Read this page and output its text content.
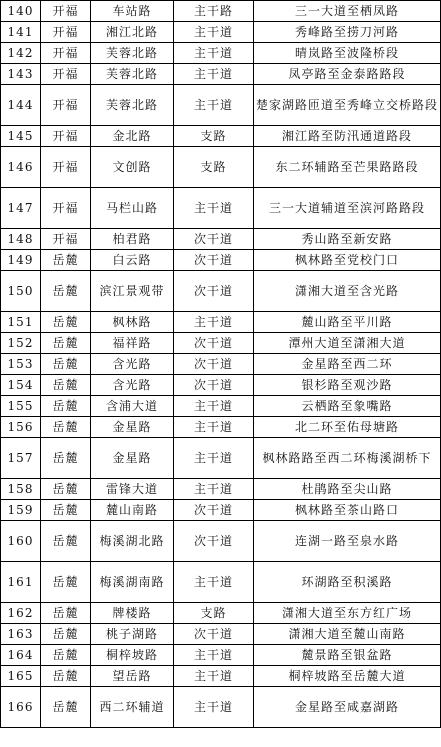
140	开福	车站路	主干路	三一大道至栖凤路
141	开福	湘江北路	主干道	秀峰路至捞刀河路
142	开福	芙蓉北路	主干道	晴岚路至波隆桥段
143	开福	芙蓉北路	主干道	凤亭路至金泰路路段
144	开福	芙蓉北路	主干道	楚家湖路匝道至秀峰立交桥路段
145	开福	金北路	支路	湘江路至防汛通道路段
146	开福	文创路	支路	东二环辅路至芒果路路段
147	开福	马栏山路	主干道	三一大道辅道至滨河路路段
148	开福	柏君路	次干道	秀山路至新安路
149	岳麓	白云路	次干道	枫林路至党校门口
150	岳麓	滨江景观带	次干道	潇湘大道至含光路
151	岳麓	枫林路	主干道	麓山路至平川路
152	岳麓	福祥路	次干道	潭州大道至潇湘大道
153	岳麓	含光路	次干道	金星路至西二环
154	岳麓	含光路	次干道	银杉路至观沙路
155	岳麓	含浦大道	主干道	云栖路至象嘴路
156	岳麓	金星路	主干道	北二环至佑母塘路
157	岳麓	金星路	主干道	枫林路路至西二环梅溪湖桥下
158	岳麓	雷锋大道	主干道	杜鹃路至尖山路
159	岳麓	麓山南路	次干道	枫林路至茶山路口
160	岳麓	梅溪湖北路	次干道	连湖一路至泉水路
161	岳麓	梅溪湖南路	主干道	环湖路至积溪路
162	岳麓	牌楼路	支路	潇湘大道至东方红广场
163	岳麓	桃子湖路	次干道	潇湘大道至麓山南路
164	岳麓	桐梓坡路	主干道	麓景路至银盆路
165	岳麓	望岳路	主干道	桐梓坡路至岳麓大道
166	岳麓	西二环辅道	主干道	金星路至咸嘉湖路
